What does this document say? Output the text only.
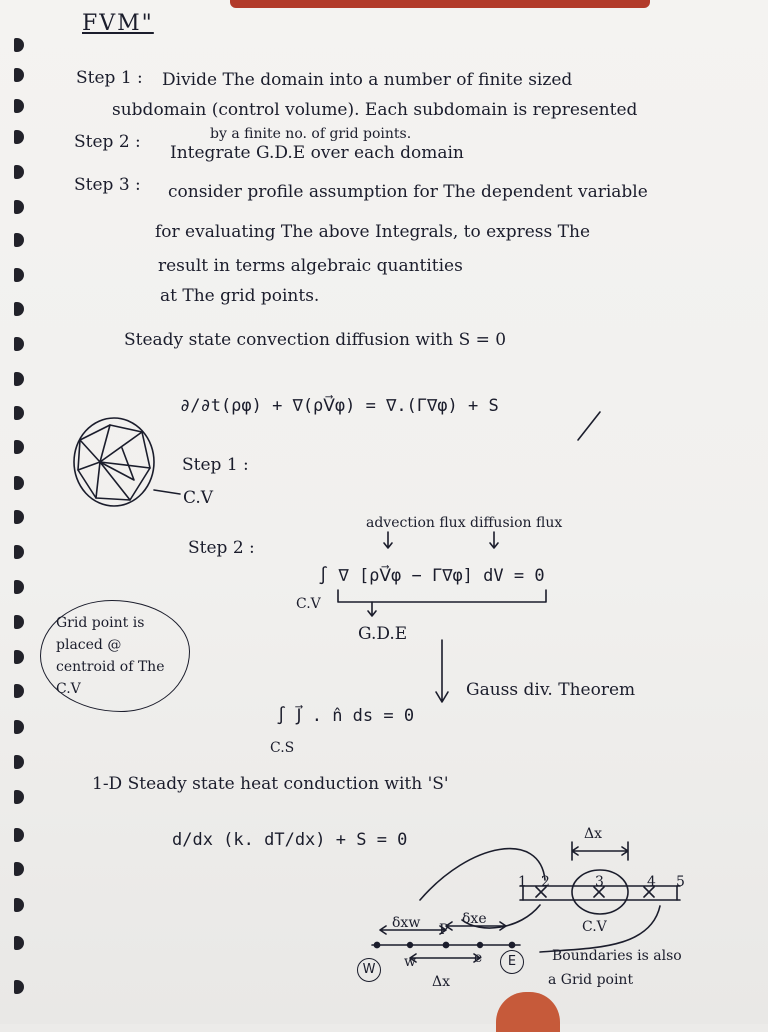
FVM"
Step 1 : Divide The domain into a number of finite sized
subdomain (control volume). Each subdomain is represented
by a finite no. of grid points.
Step 2 :
Integrate G.D.E over each domain
Step 3 : consider profile assumption for The dependent variable
for evaluating The above Integrals, to express The
result in terms algebraic quantities
at The grid points.
Steady state convection diffusion with S = 0
∂/∂t(ρφ) + ∇(ρV⃗φ) = ∇.(Γ∇φ) + S
Step 1 :
C.V
Step 2 :
advection flux diffusion flux
∫ ∇ [ρV⃗φ − Γ∇φ] dV = 0
C.V
G.D.E
Gauss div. Theorem
∫ J⃗ . n̂ ds = 0
C.S
Grid point is placed @ centroid of The C.V
1-D Steady state heat conduction with 'S'
d/dx (k. dT/dx) + S = 0	Δx
1 2	3	4 5
C.V
δxw	δxe
P
w	e
W
E
Δx
Boundaries is also
a Grid point
